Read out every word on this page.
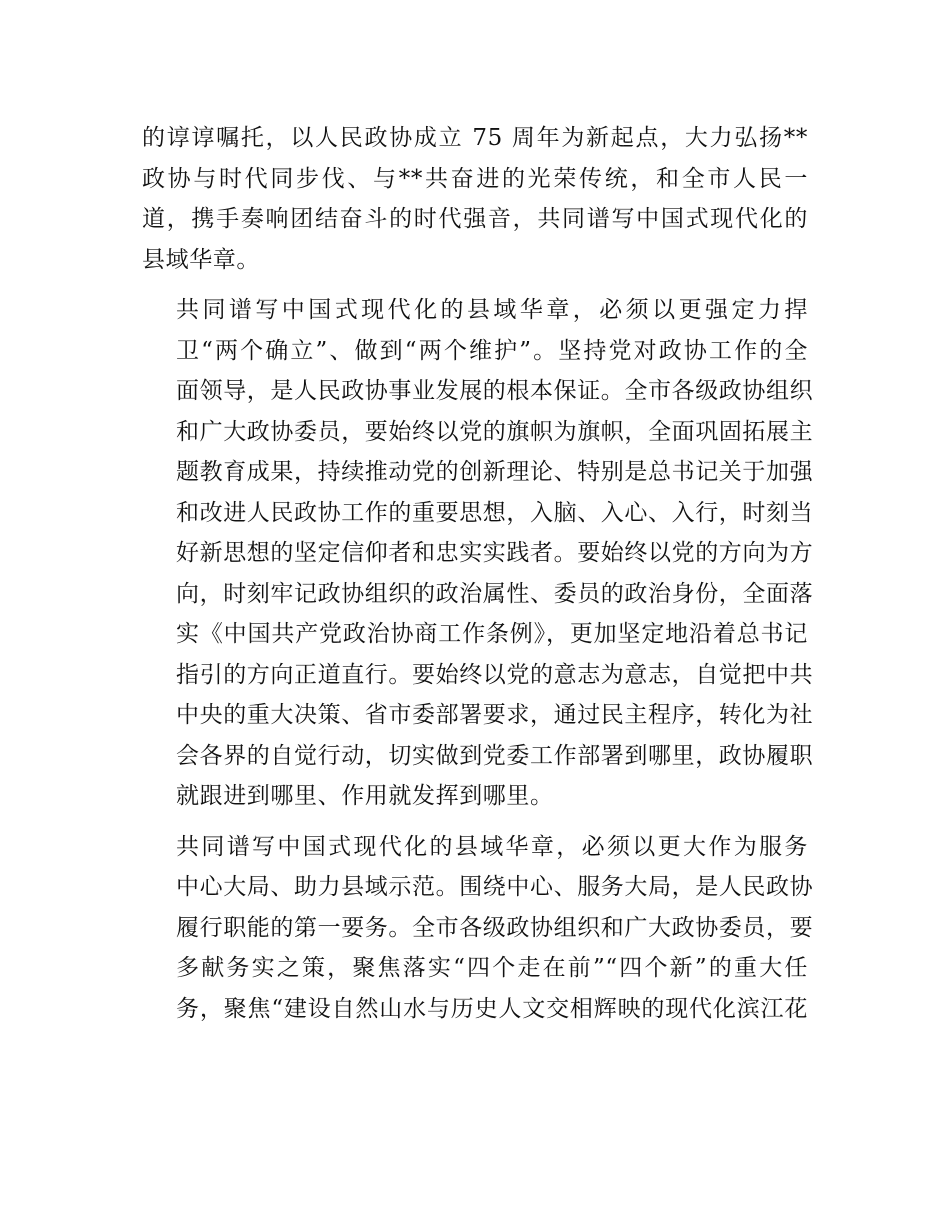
的谆谆嘱托，以人民政协成立 75 周年为新起点，大力弘扬**
政协与时代同步伐、与**共奋进的光荣传统，和全市人民一
道，携手奏响团结奋斗的时代强音，共同谱写中国式现代化的
县域华章。
共同谱写中国式现代化的县域华章，必须以更强定力捍
卫“两个确立”、做到“两个维护”。坚持党对政协工作的全
面领导，是人民政协事业发展的根本保证。全市各级政协组织
和广大政协委员，要始终以党的旗帜为旗帜，全面巩固拓展主
题教育成果，持续推动党的创新理论、特别是总书记关于加强
和改进人民政协工作的重要思想，入脑、入心、入行，时刻当
好新思想的坚定信仰者和忠实实践者。要始终以党的方向为方
向，时刻牢记政协组织的政治属性、委员的政治身份，全面落
实《中国共产党政治协商工作条例》，更加坚定地沿着总书记
指引的方向正道直行。要始终以党的意志为意志，自觉把中共
中央的重大决策、省市委部署要求，通过民主程序，转化为社
会各界的自觉行动，切实做到党委工作部署到哪里，政协履职
就跟进到哪里、作用就发挥到哪里。
共同谱写中国式现代化的县域华章，必须以更大作为服务
中心大局、助力县域示范。围绕中心、服务大局，是人民政协
履行职能的第一要务。全市各级政协组织和广大政协委员，要
多献务实之策，聚焦落实“四个走在前”“四个新”的重大任
务，聚焦“建设自然山水与历史人文交相辉映的现代化滨江花
